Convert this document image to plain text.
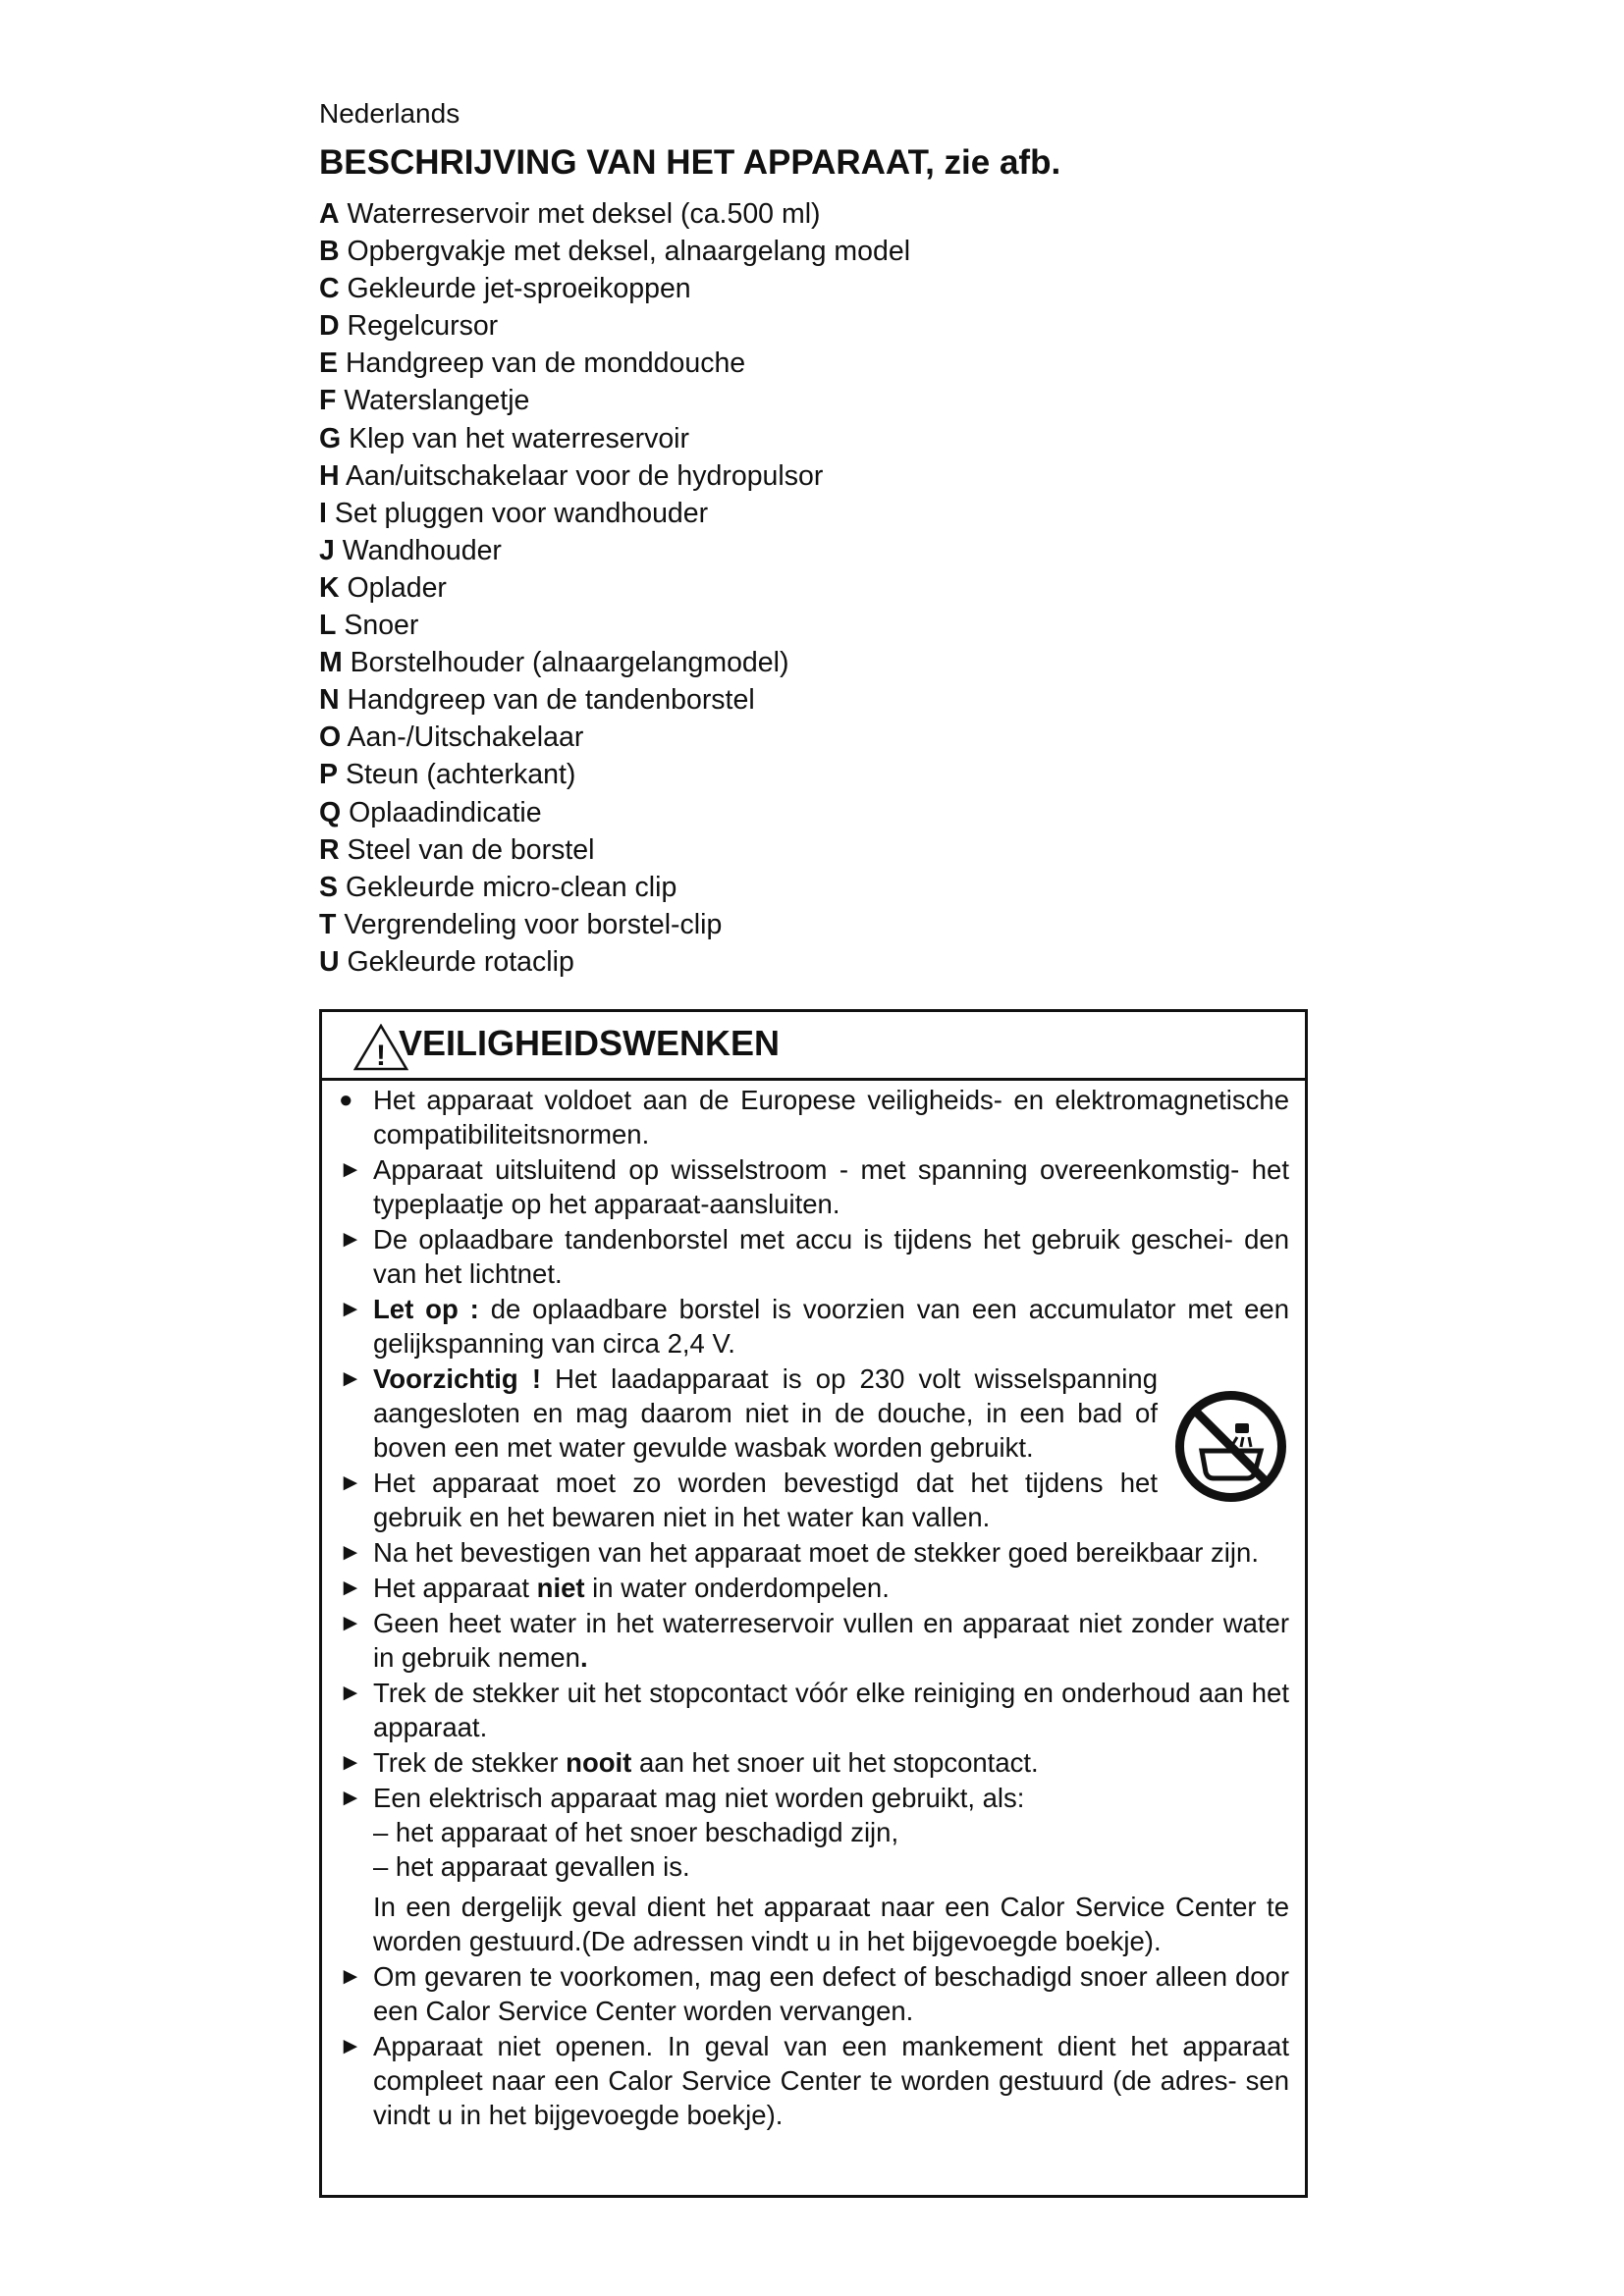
Nederlands
BESCHRIJVING VAN HET APPARAAT, zie afb.
A Waterreservoir met deksel (ca.500 ml)
B Opbergvakje met deksel, alnaargelang model
C Gekleurde jet-sproeikoppen
D Regelcursor
E Handgreep van de monddouche
F Waterslangetje
G Klep van het waterreservoir
H Aan/uitschakelaar voor de hydropulsor
I Set pluggen voor wandhouder
J Wandhouder
K Oplader
L Snoer
M Borstelhouder (alnaargelangmodel)
N Handgreep van de tandenborstel
O Aan-/Uitschakelaar
P Steun (achterkant)
Q Oplaadindicatie
R Steel van de borstel
S Gekleurde micro-clean clip
T Vergrendeling voor borstel-clip
U Gekleurde rotaclip
! VEILIGHEIDSWENKEN
● Het apparaat voldoet aan de Europese veiligheids- en elektromagnetische compatibiliteitsnormen.
► Apparaat uitsluitend op wisselstroom - met spanning overeenkomstig- het typeplaatje op het apparaat-aansluiten.
► De oplaadbare tandenborstel met accu is tijdens het gebruik geschei- den van het lichtnet.
► Let op : de oplaadbare borstel is voorzien van een accumulator met een gelijkspanning van circa 2,4 V.
► Voorzichtig ! Het laadapparaat is op 230 volt wisselspanning aangesloten en mag daarom niet in de douche, in een bad of boven een met water gevulde wasbak worden gebruikt.
► Het apparaat moet zo worden bevestigd dat het tijdens het gebruik en het bewaren niet in het water kan vallen.
► Na het bevestigen van het apparaat moet de stekker goed bereikbaar zijn.
► Het apparaat niet in water onderdompelen.
► Geen heet water in het waterreservoir vullen en apparaat niet zonder water in gebruik nemen.
► Trek de stekker uit het stopcontact vóór elke reiniging en onderhoud aan het apparaat.
► Trek de stekker nooit aan het snoer uit het stopcontact.
► Een elektrisch apparaat mag niet worden gebruikt, als:
– het apparaat of het snoer beschadigd zijn,
– het apparaat gevallen is.
In een dergelijk geval dient het apparaat naar een Calor Service Center te worden gestuurd.(De adressen vindt u in het bijgevoegde boekje).
► Om gevaren te voorkomen, mag een defect of beschadigd snoer alleen door een Calor Service Center worden vervangen.
► Apparaat niet openen. In geval van een mankement dient het apparaat compleet naar een Calor Service Center te worden gestuurd (de adres- sen vindt u in het bijgevoegde boekje).
